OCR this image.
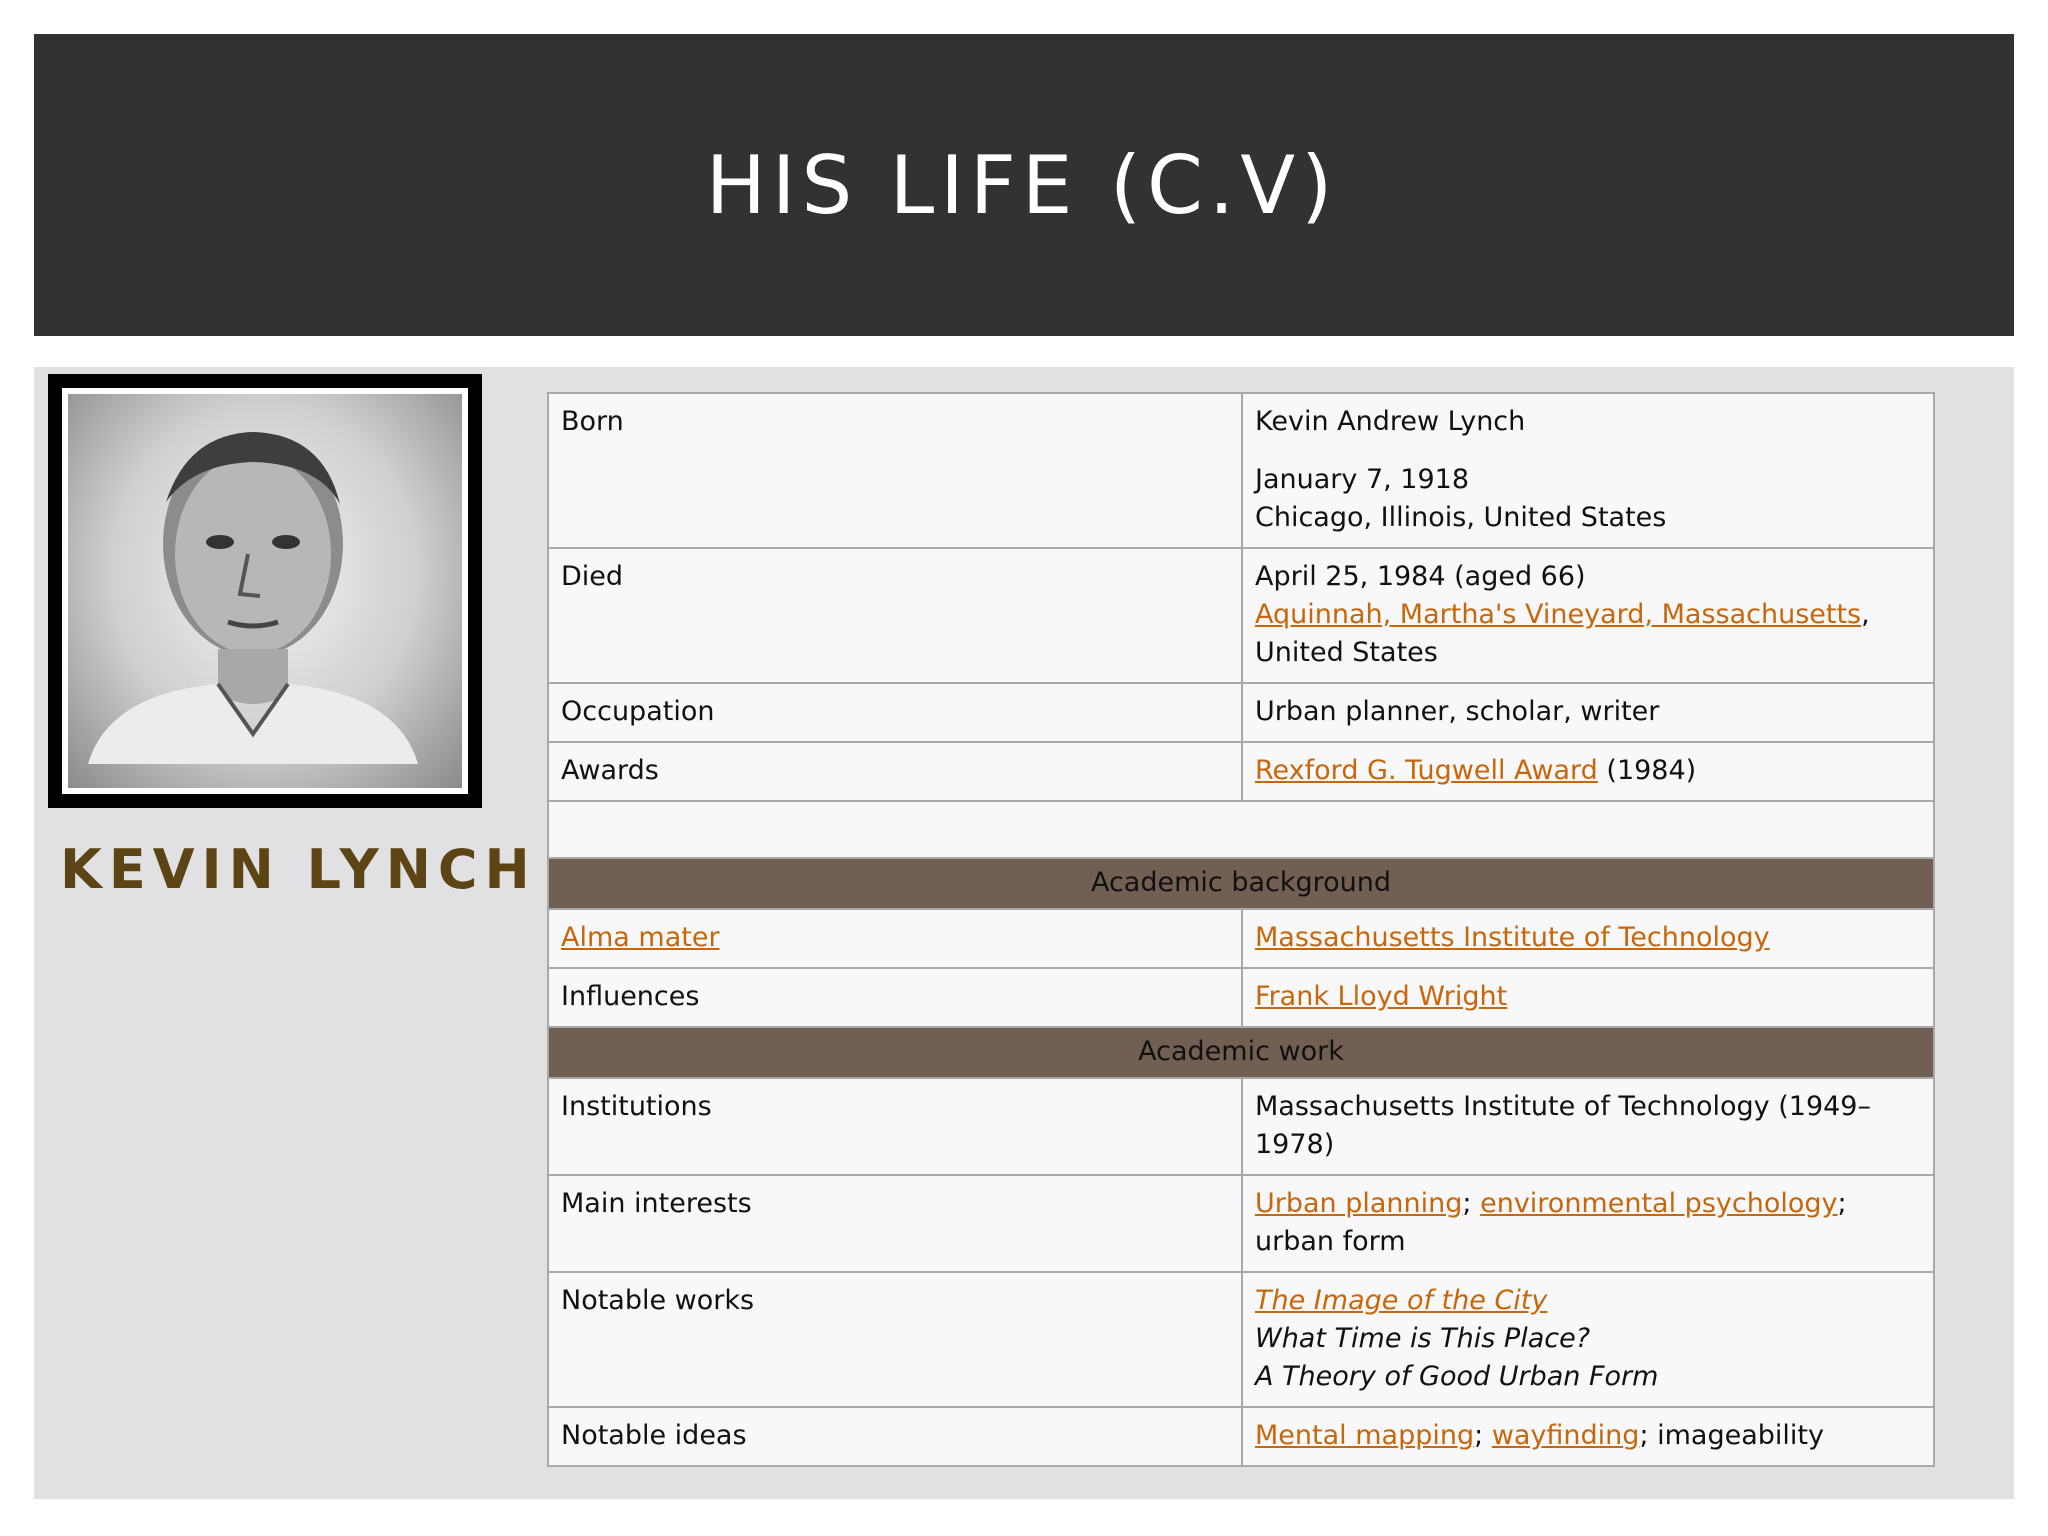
HIS LIFE (C.V)
KEVIN LYNCH
Born	Kevin Andrew Lynch
January 7, 1918
Chicago, Illinois, United States

Died	April 25, 1984 (aged 66)
Aquinnah, Martha's Vineyard, Massachusetts,
United States

Occupation	Urban planner, scholar, writer
Awards	Rexford G. Tugwell Award (1984)

Academic background	
Alma mater	Massachusetts Institute of Technology
Influences	Frank Lloyd Wright
Academic work	
Institutions	Massachusetts Institute of Technology (1949–1978)
Main interests	Urban planning; environmental psychology; urban form
Notable works	The Image of the City
What Time is This Place?
A Theory of Good Urban Form

Notable ideas	Mental mapping; wayfinding; imageability
